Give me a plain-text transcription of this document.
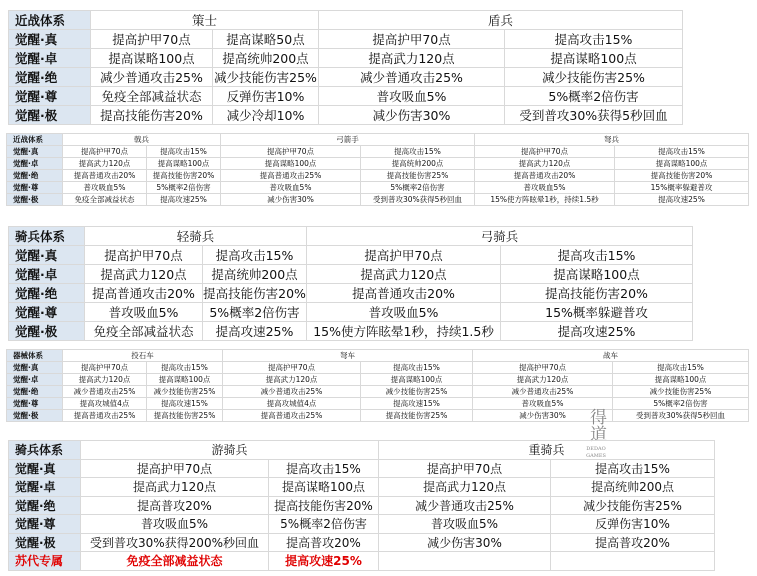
近战体系	策士		盾兵	
觉醒·真	提高护甲70点	提高谋略50点	提高护甲70点	提高攻击15%
觉醒·卓	提高谋略100点	提高统帅200点	提高武力120点	提高谋略100点
觉醒·绝	减少普通攻击25%	减少技能伤害25%	减少普通攻击25%	减少技能伤害25%
觉醒·尊	免疫全部减益状态	反弹伤害10%	普攻吸血5%	5%概率2倍伤害
觉醒·极	提高技能伤害20%	减少冷却10%	减少伤害30%	受到普攻30%获得5秒回血
近战体系	戟兵		弓箭手		弩兵	
觉醒·真	提高护甲70点	提高攻击15%	提高护甲70点	提高攻击15%	提高护甲70点	提高攻击15%
觉醒·卓	提高武力120点	提高谋略100点	提高谋略100点	提高统帅200点	提高武力120点	提高谋略100点
觉醒·绝	提高普通攻击20%	提高技能伤害20%	提高普通攻击25%	提高技能伤害25%	提高普通攻击20%	提高技能伤害20%
觉醒·尊	普攻吸血5%	5%概率2倍伤害	普攻吸血5%	5%概率2倍伤害	普攻吸血5%	15%概率躲避普攻
觉醒·极	免疫全部减益状态	提高攻速25%	减少伤害30%	受到普攻30%获得5秒回血	15%使方阵眩晕1秒，持续1.5秒	提高攻速25%
骑兵体系	轻骑兵		弓骑兵	
觉醒·真	提高护甲70点	提高攻击15%	提高护甲70点	提高攻击15%
觉醒·卓	提高武力120点	提高统帅200点	提高武力120点	提高谋略100点
觉醒·绝	提高普通攻击20%	提高技能伤害20%	提高普通攻击20%	提高技能伤害20%
觉醒·尊	普攻吸血5%	5%概率2倍伤害	普攻吸血5%	15%概率躲避普攻
觉醒·极	免疫全部减益状态	提高攻速25%	15%使方阵眩晕1秒，持续1.5秒	提高攻速25%
器械体系	投石车		弩车		战车	
觉醒·真	提高护甲70点	提高攻击15%	提高护甲70点	提高攻击15%	提高护甲70点	提高攻击15%
觉醒·卓	提高武力120点	提高谋略100点	提高武力120点	提高谋略100点	提高武力120点	提高谋略100点
觉醒·绝	减少普通攻击25%	减少技能伤害25%	减少普通攻击25%	减少技能伤害25%	减少普通攻击25%	减少技能伤害25%
觉醒·尊	提高攻城值4点	提高攻速15%	提高攻城值4点	提高攻速15%	普攻吸血5%	5%概率2倍伤害
觉醒·极	提高普通攻击25%	提高技能伤害25%	提高普通攻击25%	提高技能伤害25%	减少伤害30%	受到普攻30%获得5秒回血
得道
DEDAO GAMES
骑兵体系	游骑兵		重骑兵	
觉醒·真	提高护甲70点	提高攻击15%	提高护甲70点	提高攻击15%
觉醒·卓	提高武力120点	提高谋略100点	提高武力120点	提高统帅200点
觉醒·绝	提高普攻20%	提高技能伤害20%	减少普通攻击25%	减少技能伤害25%
觉醒·尊	普攻吸血5%	5%概率2倍伤害	普攻吸血5%	反弹伤害10%
觉醒·极	受到普攻30%获得200%秒回血	提高普攻20%	减少伤害30%	提高普攻20%
苏代专属	免疫全部减益状态	提高攻速25%		
